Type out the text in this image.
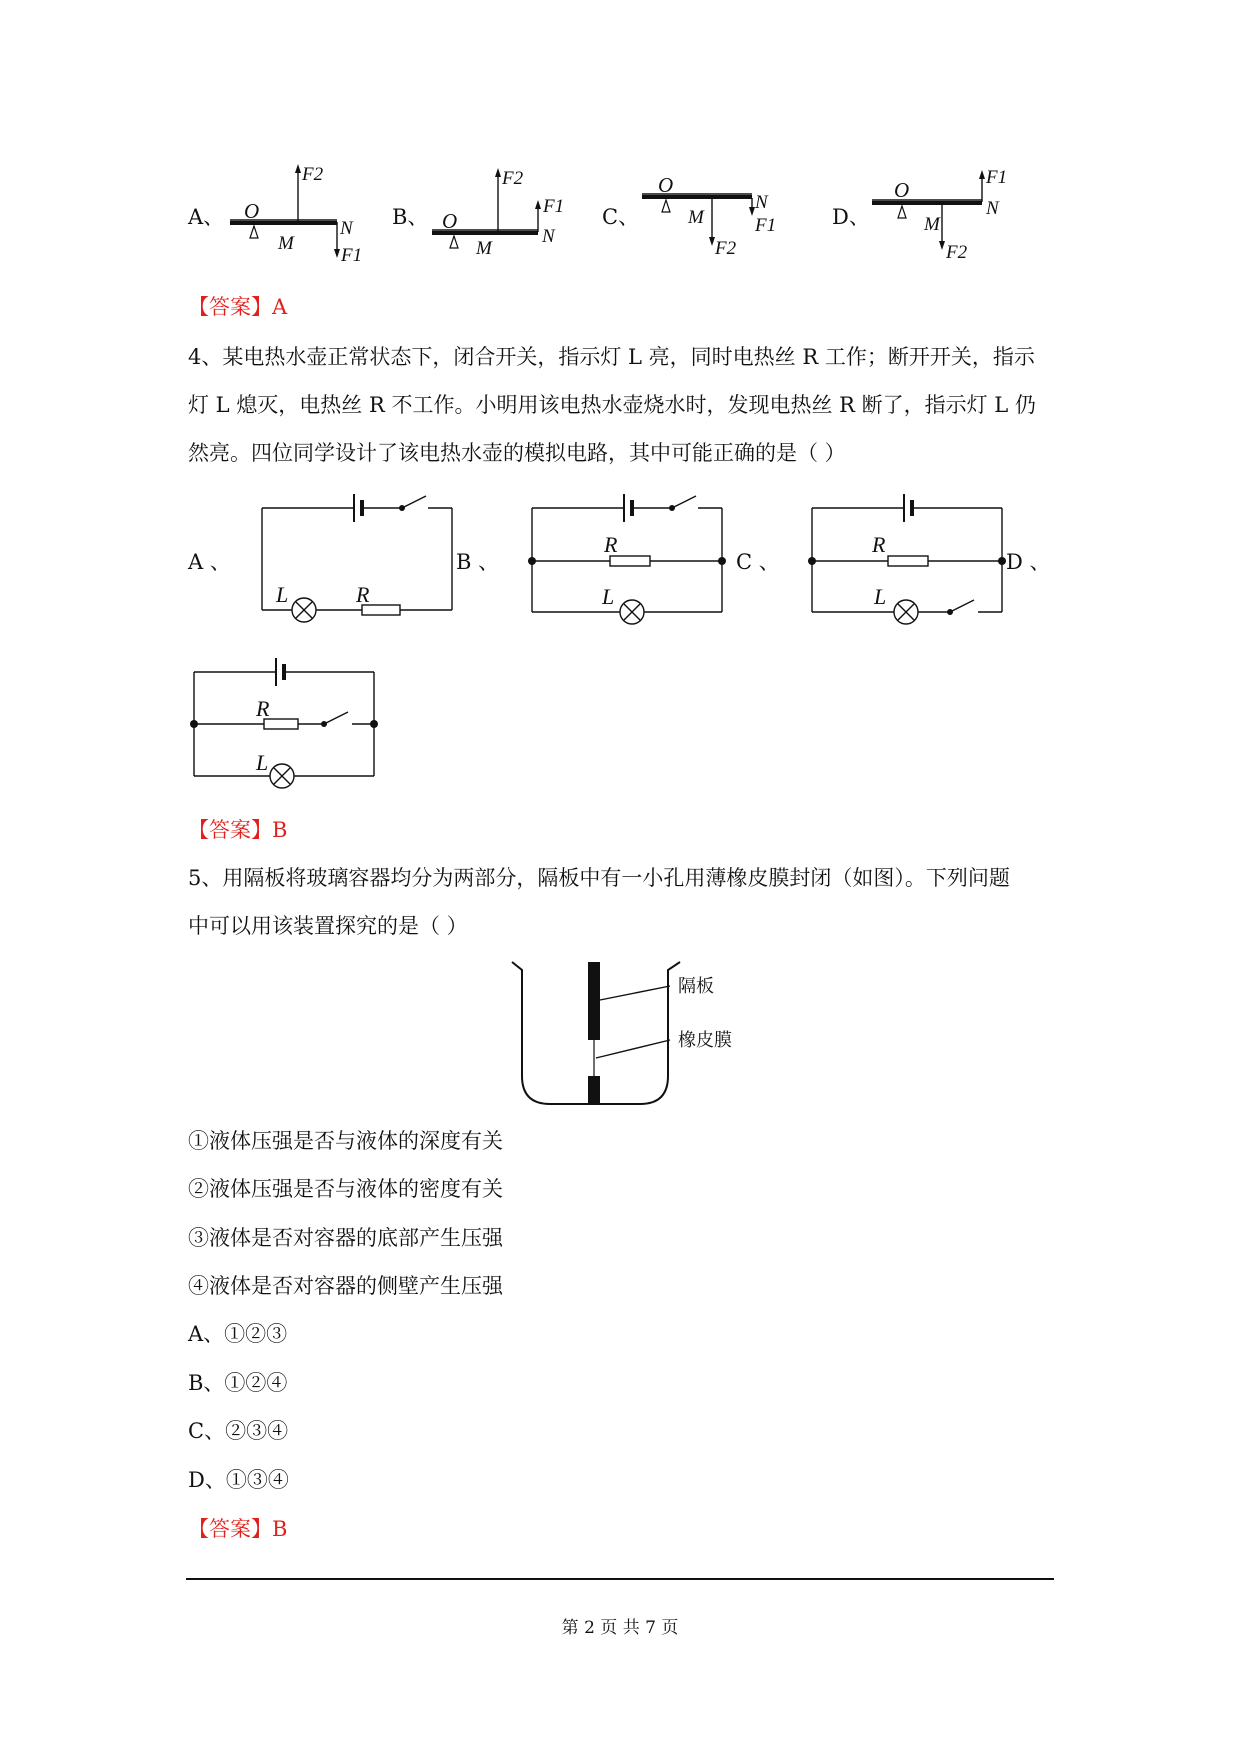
A、 O
M
F2
N
F1
B、 O
M
F2
F1
N
C、
O
M
N
F1
F2
D、
O
M
F1
N
F2
【答案】A
4、某电热水壶正常状态下，闭合开关，指示灯 L 亮，同时电热丝 R 工作；断开开关，指示
灯 L 熄灭，电热丝 R 不工作。小明用该电热水壶烧水时，发现电热丝 R 断了，指示灯 L 仍
然亮。四位同学设计了该电热水壶的模拟电路，其中可能正确的是（ ）
A 、	B 、	C 、	D 、
L	R
R
L
R
L
R
L
【答案】B
5、用隔板将玻璃容器均分为两部分，隔板中有一小孔用薄橡皮膜封闭（如图）。下列问题
中可以用该装置探究的是（ ）
隔板
橡皮膜
①液体压强是否与液体的深度有关
②液体压强是否与液体的密度有关
③液体是否对容器的底部产生压强
④液体是否对容器的侧壁产生压强
A、①②③
B、①②④
C、②③④
D、①③④
【答案】B
第 2 页 共 7 页
